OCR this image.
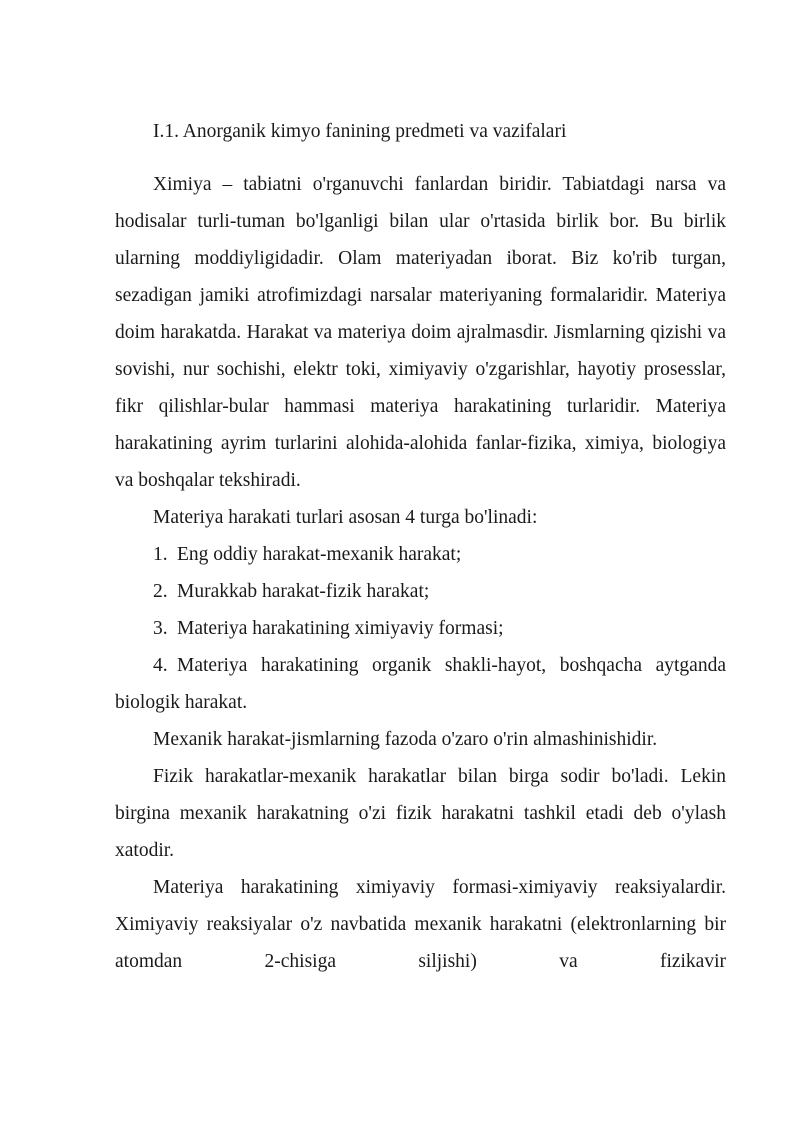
I.1. Anorganik kimyo fanining predmeti va vazifalari

Ximiya – tabiatni o'rganuvchi fanlardan biridir. Tabiatdagi narsa va hodisalar turli-tuman bo'lganligi bilan ular o'rtasida birlik bor. Bu birlik ularning moddiyligidadir. Olam materiyadan iborat. Biz ko'rib turgan, sezadigan jamiki atrofimizdagi narsalar materiyaning formalaridir. Materiya doim harakatda. Harakat va materiya doim ajralmasdir. Jismlarning qizishi va sovishi, nur sochishi, elektr toki, ximiyaviy o'zgarishlar, hayotiy prosesslar, fikr qilishlar-bular hammasi materiya harakatining turlaridir. Materiya harakatining ayrim turlarini alohida-alohida fanlar-fizika, ximiya, biologiya va boshqalar tekshiradi.

Materiya harakati turlari asosan 4 turga bo'linadi:

1. Eng oddiy harakat-mexanik harakat;
2. Murakkab harakat-fizik harakat;
3. Materiya harakatining ximiyaviy formasi;
4. Materiya harakatining organik shakli-hayot, boshqacha aytganda biologik harakat.

Mexanik harakat-jismlarning fazoda o'zaro o'rin almashinishidir.

Fizik harakatlar-mexanik harakatlar bilan birga sodir bo'ladi. Lekin birgina mexanik harakatning o'zi fizik harakatni tashkil etadi deb o'ylash xatodir.

Materiya harakatining ximiyaviy formasi-ximiyaviy reaksiyalardir. Ximiyaviy reaksiyalar o'z navbatida mexanik harakatni (elektronlarning bir atomdan 2-chisiga siljishi) va fizikavir
